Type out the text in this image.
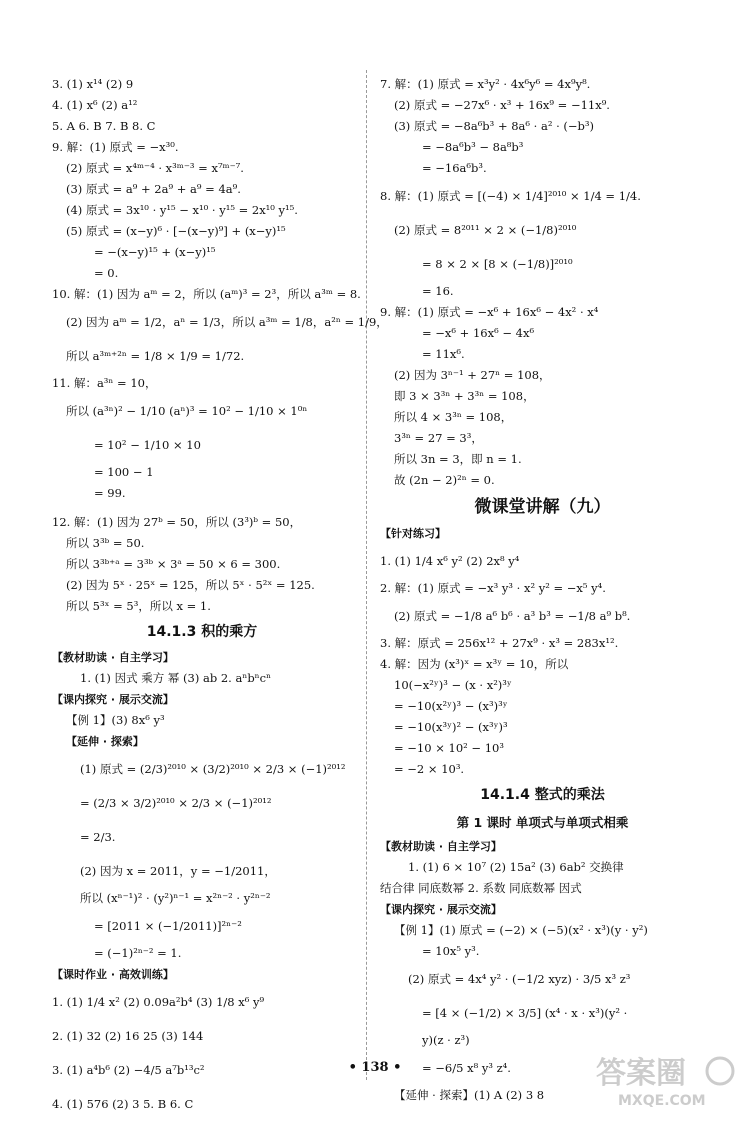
3. (1) x¹⁴ (2) 9
4. (1) x⁶ (2) a¹²
5. A 6. B 7. B 8. C
9. 解：(1) 原式 = −x³⁰.
(2) 原式 = x⁴ᵐ⁻⁴ · x³ᵐ⁻³ = x⁷ᵐ⁻⁷.
(3) 原式 = a⁹ + 2a⁹ + a⁹ = 4a⁹.
(4) 原式 = 3x¹⁰ · y¹⁵ − x¹⁰ · y¹⁵ = 2x¹⁰ y¹⁵.
(5) 原式 = (x−y)⁶ · [−(x−y)⁹] + (x−y)¹⁵
= −(x−y)¹⁵ + (x−y)¹⁵
= 0.
10. 解：(1) 因为 aᵐ = 2，所以 (aᵐ)³ = 2³，所以 a³ᵐ = 8.
(2) 因为 aᵐ = 1/2，aⁿ = 1/3，所以 a³ᵐ = 1/8，a²ⁿ = 1/9，
所以 a³ᵐ⁺²ⁿ = 1/8 × 1/9 = 1/72.
11. 解：a³ⁿ = 10，
所以 (a³ⁿ)² − 1/10 (aⁿ)³ = 10² − 1/10 × 1⁰ⁿ
= 10² − 1/10 × 10
= 100 − 1
= 99.
12. 解：(1) 因为 27ᵇ = 50，所以 (3³)ᵇ = 50，
所以 3³ᵇ = 50.
所以 3³ᵇ⁺ᵃ = 3³ᵇ × 3ᵃ = 50 × 6 = 300.
(2) 因为 5ˣ · 25ˣ = 125，所以 5ˣ · 5²ˣ = 125.
所以 5³ˣ = 5³，所以 x = 1.
14.1.3 积的乘方
【教材助读 · 自主学习】
1. (1) 因式 乘方 幂 (3) ab 2. aⁿbⁿcⁿ
【课内探究 · 展示交流】
【例 1】(3) 8x⁶ y³
【延伸 · 探索】
(1) 原式 = (2/3)²⁰¹⁰ × (3/2)²⁰¹⁰ × 2/3 × (−1)²⁰¹²
= (2/3 × 3/2)²⁰¹⁰ × 2/3 × (−1)²⁰¹²
= 2/3.
(2) 因为 x = 2011，y = −1/2011，
所以 (xⁿ⁻¹)² · (y²)ⁿ⁻¹ = x²ⁿ⁻² · y²ⁿ⁻²
= [2011 × (−1/2011)]²ⁿ⁻²
= (−1)²ⁿ⁻² = 1.
【课时作业 · 高效训练】
1. (1) 1/4 x² (2) 0.09a²b⁴ (3) 1/8 x⁶ y⁹
2. (1) 32 (2) 16 25 (3) 144
3. (1) a⁴b⁶ (2) −4/5 a⁷b¹³c²
4. (1) 576 (2) 3 5. B 6. C
7. 解：(1) 原式 = x³y² · 4x⁶y⁶ = 4x⁹y⁸.
(2) 原式 = −27x⁶ · x³ + 16x⁹ = −11x⁹.
(3) 原式 = −8a⁶b³ + 8a⁶ · a² · (−b³)
= −8a⁶b³ − 8a⁸b³
= −16a⁶b³.
8. 解：(1) 原式 = [(−4) × 1/4]²⁰¹⁰ × 1/4 = 1/4.
(2) 原式 = 8²⁰¹¹ × 2 × (−1/8)²⁰¹⁰
= 8 × 2 × [8 × (−1/8)]²⁰¹⁰
= 16.
9. 解：(1) 原式 = −x⁶ + 16x⁶ − 4x² · x⁴
= −x⁶ + 16x⁶ − 4x⁶
= 11x⁶.
(2) 因为 3ⁿ⁻¹ + 27ⁿ = 108，
即 3 × 3³ⁿ + 3³ⁿ = 108，
所以 4 × 3³ⁿ = 108，
3³ⁿ = 27 = 3³，
所以 3n = 3，即 n = 1.
故 (2n − 2)²ⁿ = 0.
微课堂讲解（九）
【针对练习】
1. (1) 1/4 x⁶ y² (2) 2x⁸ y⁴
2. 解：(1) 原式 = −x³ y³ · x² y² = −x⁵ y⁴.
(2) 原式 = −1/8 a⁶ b⁶ · a³ b³ = −1/8 a⁹ b⁸.
3. 解：原式 = 256x¹² + 27x⁹ · x³ = 283x¹².
4. 解：因为 (x³)ˣ = x³ʸ = 10，所以
10(−x²ʸ)³ − (x · x²)³ʸ
= −10(x²ʸ)³ − (x³)³ʸ
= −10(x³ʸ)² − (x³ʸ)³
= −10 × 10² − 10³
= −2 × 10³.
14.1.4 整式的乘法
第 1 课时 单项式与单项式相乘
【教材助读 · 自主学习】
1. (1) 6 × 10⁷ (2) 15a² (3) 6ab² 交换律
结合律 同底数幂 2. 系数 同底数幂 因式
【课内探究 · 展示交流】
【例 1】(1) 原式 = (−2) × (−5)(x² · x³)(y · y²)
= 10x⁵ y³.
(2) 原式 = 4x⁴ y² · (−1/2 xyz) · 3/5 x³ z³
= [4 × (−1/2) × 3/5] (x⁴ · x · x³)(y² ·
y)(z · z³)
= −6/5 x⁸ y³ z⁴.
【延伸 · 探索】(1) A (2) 3 8
• 138 •	答案圈
MXQE.COM
